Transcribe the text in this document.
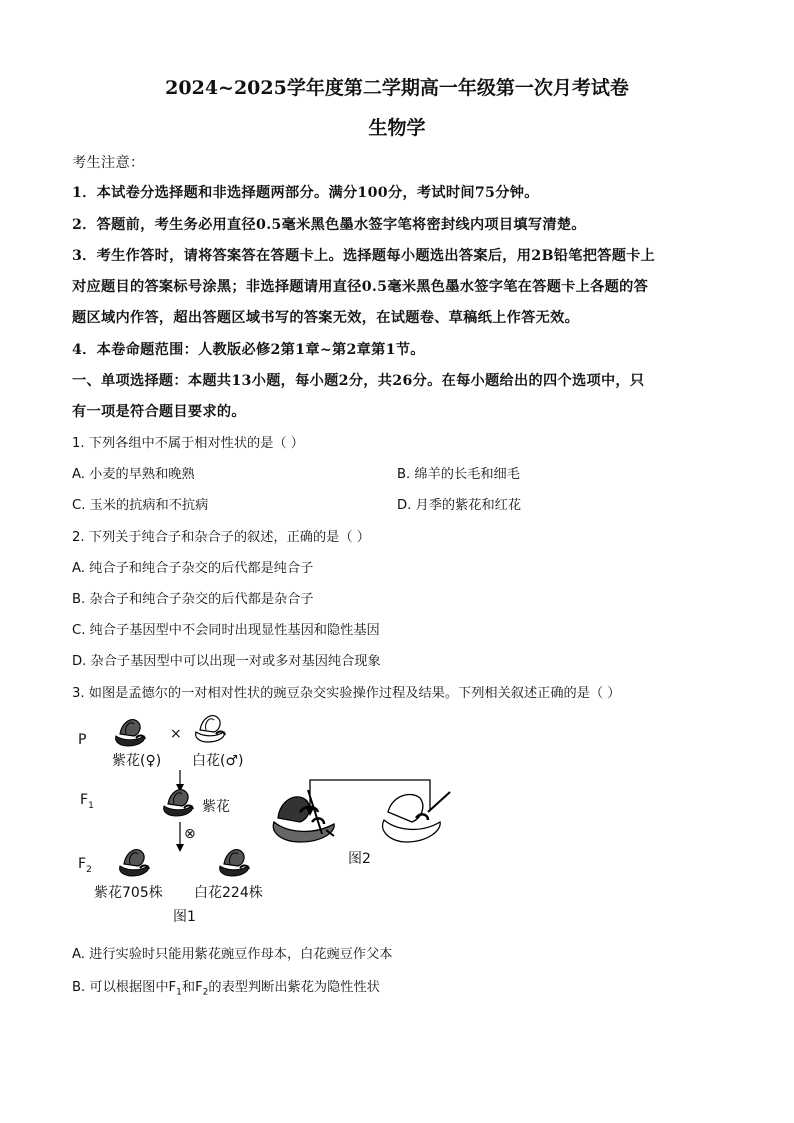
2024~2025学年度第二学期高一年级第一次月考试卷
生物学
考生注意：
1．本试卷分选择题和非选择题两部分。满分100分，考试时间75分钟。
2．答题前，考生务必用直径0.5毫米黑色墨水签字笔将密封线内项目填写清楚。
3．考生作答时，请将答案答在答题卡上。选择题每小题选出答案后，用2B铅笔把答题卡上
对应题目的答案标号涂黑；非选择题请用直径0.5毫米黑色墨水签字笔在答题卡上各题的答
题区域内作答，超出答题区域书写的答案无效，在试题卷、草稿纸上作答无效。
4．本卷命题范围：人教版必修2第1章~第2章第1节。
一、单项选择题：本题共13小题，每小题2分，共26分。在每小题给出的四个选项中，只
有一项是符合题目要求的。
1. 下列各组中不属于相对性状的是（ ）
A. 小麦的早熟和晚熟	B. 绵羊的长毛和细毛
C. 玉米的抗病和不抗病	D. 月季的紫花和红花
2. 下列关于纯合子和杂合子的叙述，正确的是（ ）
A. 纯合子和纯合子杂交的后代都是纯合子
B. 杂合子和纯合子杂交的后代都是杂合子
C. 纯合子基因型中不会同时出现显性基因和隐性基因
D. 杂合子基因型中可以出现一对或多对基因纯合现象
3. 如图是孟德尔的一对相对性状的豌豆杂交实验操作过程及结果。下列相关叙述正确的是（ ）
P	×
紫花(♀) 白花(♂)
$F_1$	紫花
⊗
$F_2$
紫花705株 白花224株
图1
图2
A. 进行实验时只能用紫花豌豆作母本，白花豌豆作父本
B. 可以根据图中$F_1$和$F_2$的表型判断出紫花为隐性性状
